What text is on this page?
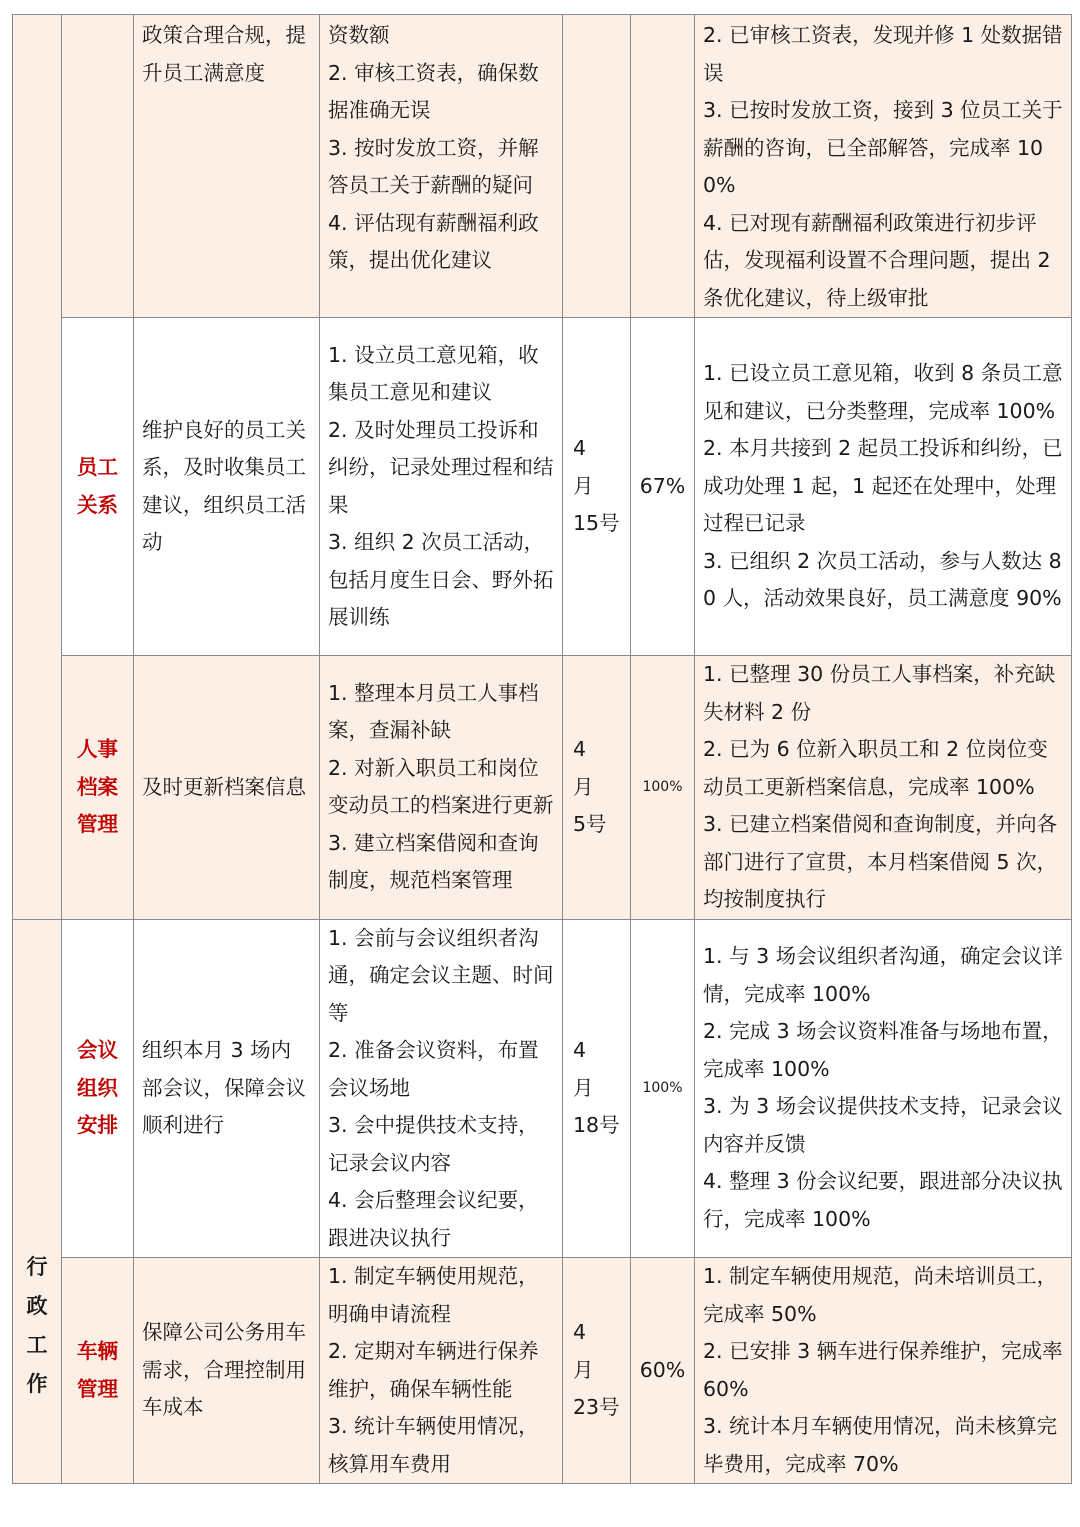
		政策合理合规，提升员工满意度	资数额
2. 审核工资表，确保数据准确无误
3. 按时发放工资，并解答员工关于薪酬的疑问
4. 评估现有薪酬福利政策，提出优化建议			2. 已审核工资表，发现并修 1 处数据错误
3. 已按时发放工资，接到 3 位员工关于薪酬的咨询，已全部解答，完成率 100%
4. 已对现有薪酬福利政策进行初步评估，发现福利设置不合理问题，提出 2 条优化建议，待上级审批
	员工关系	维护良好的员工关系，及时收集员工建议，组织员工活动	1. 设立员工意见箱，收集员工意见和建议
2. 及时处理员工投诉和纠纷，记录处理过程和结果
3. 组织 2 次员工活动，包括月度生日会、野外拓展训练	4 月 15号	67%	1. 已设立员工意见箱，收到 8 条员工意见和建议，已分类整理，完成率 100%
2. 本月共接到 2 起员工投诉和纠纷，已成功处理 1 起，1 起还在处理中，处理过程已记录
3. 已组织 2 次员工活动，参与人数达 80 人，活动效果良好，员工满意度 90%
	人事档案管理	及时更新档案信息	1. 整理本月员工人事档案，查漏补缺
2. 对新入职员工和岗位变动员工的档案进行更新
3. 建立档案借阅和查询制度，规范档案管理	4 月 5号	100%	1. 已整理 30 份员工人事档案，补充缺失材料 2 份
2. 已为 6 位新入职员工和 2 位岗位变动员工更新档案信息，完成率 100%
3. 已建立档案借阅和查询制度，并向各部门进行了宣贯，本月档案借阅 5 次，均按制度执行

行政工作	会议组织安排	组织本月 3 场内部会议，保障会议顺利进行	1. 会前与会议组织者沟通，确定会议主题、时间等
2. 准备会议资料，布置会议场地
3. 会中提供技术支持，记录会议内容
4. 会后整理会议纪要，跟进决议执行	4 月 18号	100%	1. 与 3 场会议组织者沟通，确定会议详情，完成率 100%
2. 完成 3 场会议资料准备与场地布置，完成率 100%
3. 为 3 场会议提供技术支持，记录会议内容并反馈
4. 整理 3 份会议纪要，跟进部分决议执行，完成率 100%
	车辆管理	保障公司公务用车需求，合理控制用车成本	1. 制定车辆使用规范，明确申请流程
2. 定期对车辆进行保养维护，确保车辆性能
3. 统计车辆使用情况，核算用车费用	4 月 23号	60%	1. 制定车辆使用规范，尚未培训员工，完成率 50%
2. 已安排 3 辆车进行保养维护，完成率 60%
3. 统计本月车辆使用情况，尚未核算完毕费用，完成率 70%
